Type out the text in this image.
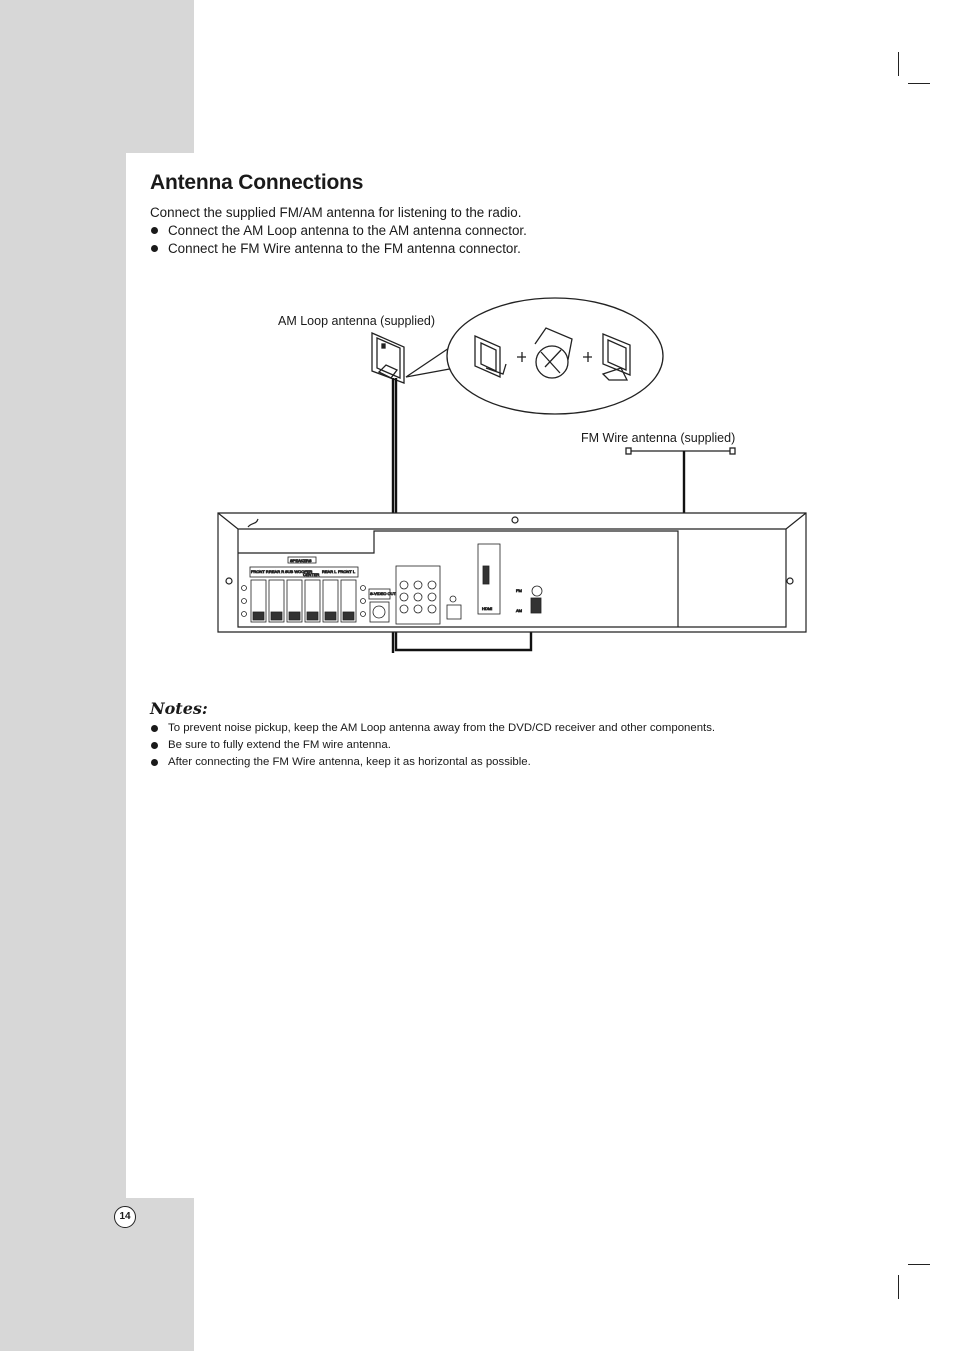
Antenna Connections

Connect the supplied FM/AM antenna for listening to the radio.

Connect the AM Loop antenna to the AM antenna connector.
Connect he FM Wire antenna to the FM antenna connector.
AM Loop antenna (supplied)
FM Wire antenna (supplied)
SPEAKERS
FRONT R REAR R SUB WOOFER
CENTER
REAR L FRONT L
S-VIDEO OUT
HDMI
FM
AM
Notes:
To prevent noise pickup, keep the AM Loop antenna away from the DVD/CD receiver and other components.
Be sure to fully extend the FM wire antenna.
After connecting the FM Wire antenna, keep it as horizontal as possible.
14
